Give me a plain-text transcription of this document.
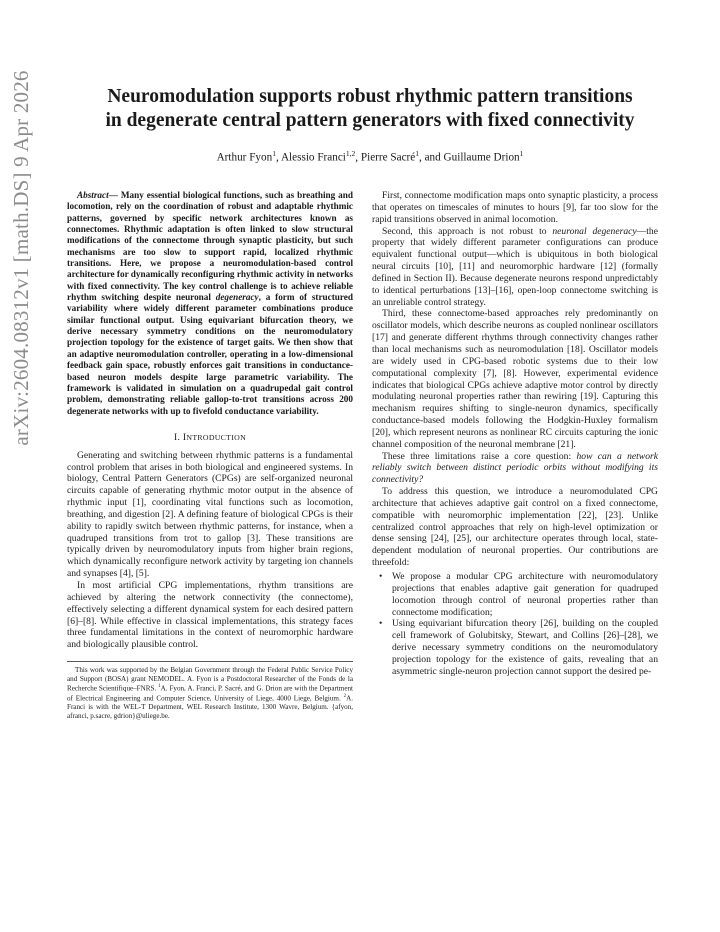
arXiv:2604.08312v1 [math.DS] 9 Apr 2026	Neuromodulation supports robust rhythmic pattern transitions
in degenerate central pattern generators with fixed connectivity
Arthur Fyon$^1$, Alessio Franci$^{1,2}$, Pierre Sacré$^1$, and Guillaume Drion$^1$

Abstract— Many essential biological functions, such as breathing and locomotion, rely on the coordination of robust and adaptable rhythmic patterns, governed by specific network architectures known as connectomes. Rhythmic adaptation is often linked to slow structural modifications of the connectome through synaptic plasticity, but such mechanisms are too slow to support rapid, localized rhythmic transitions. Here, we propose a neuromodulation-based control architecture for dynamically reconfiguring rhythmic activity in networks with fixed connectivity. The key control challenge is to achieve reliable rhythm switching despite neuronal degeneracy, a form of structured variability where widely different parameter combinations produce similar functional output. Using equivariant bifurcation theory, we derive necessary symmetry conditions on the neuromodulatory projection topology for the existence of target gaits. We then show that an adaptive neuromodulation controller, operating in a low-dimensional feedback gain space, robustly enforces gait transitions in conductance-based neuron models despite large parametric variability. The framework is validated in simulation on a quadrupedal gait control problem, demonstrating reliable gallop-to-trot transitions across 200 degenerate networks with up to fivefold conductance variability.

I. INTRODUCTION

Generating and switching between rhythmic patterns is a fundamental control problem that arises in both biological and engineered systems. In biology, Central Pattern Generators (CPGs) are self-organized neuronal circuits capable of generating rhythmic motor output in the absence of rhythmic input [1], coordinating vital functions such as locomotion, breathing, and digestion [2]. A defining feature of biological CPGs is their ability to rapidly switch between rhythmic patterns, for instance, when a quadruped transitions from trot to gallop [3]. These transitions are typically driven by neuromodulatory inputs from higher brain regions, which dynamically reconfigure network activity by targeting ion channels and synapses [4], [5].

In most artificial CPG implementations, rhythm transitions are achieved by altering the network connectivity (the connectome), effectively selecting a different dynamical system for each desired pattern [6]–[8]. While effective in classical implementations, this strategy faces three fundamental limitations in the context of neuromorphic hardware and biologically plausible control.

This work was supported by the Belgian Government through the Federal Public Service Policy and Support (BOSA) grant NEMODEL. A. Fyon is a Postdoctoral Researcher of the Fonds de la Recherche Scientifique–FNRS. $^1$A. Fyon, A. Franci, P. Sacré, and G. Drion are with the Department of Electrical Engineering and Computer Science, University of Liege, 4000 Liege, Belgium. $^2$A. Franci is with the WEL-T Department, WEL Research Institute, 1300 Wavre, Belgium. {afyon, afranci, p.sacre, gdrion}@uliege.be.

First, connectome modification maps onto synaptic plasticity, a process that operates on timescales of minutes to hours [9], far too slow for the rapid transitions observed in animal locomotion.

Second, this approach is not robust to neuronal degeneracy—the property that widely different parameter configurations can produce equivalent functional output—which is ubiquitous in both biological neural circuits [10], [11] and neuromorphic hardware [12] (formally defined in Section II). Because degenerate neurons respond unpredictably to identical perturbations [13]–[16], open-loop connectome switching is an unreliable control strategy.

Third, these connectome-based approaches rely predominantly on oscillator models, which describe neurons as coupled nonlinear oscillators [17] and generate different rhythms through connectivity changes rather than local mechanisms such as neuromodulation [18]. Oscillator models are widely used in CPG-based robotic systems due to their low computational complexity [7], [8]. However, experimental evidence indicates that biological CPGs achieve adaptive motor control by directly modulating neuronal properties rather than rewiring [19]. Capturing this mechanism requires shifting to single-neuron dynamics, specifically conductance-based models following the Hodgkin-Huxley formalism [20], which represent neurons as nonlinear RC circuits capturing the ionic channel composition of the neuronal membrane [21].

These three limitations raise a core question: how can a network reliably switch between distinct periodic orbits without modifying its connectivity?

To address this question, we introduce a neuromodulated CPG architecture that achieves adaptive gait control on a fixed connectome, compatible with neuromorphic implementation [22], [23]. Unlike centralized control approaches that rely on high-level optimization or dense sensing [24], [25], our architecture operates through local, state-dependent modulation of neuronal properties. Our contributions are threefold:

• We propose a modular CPG architecture with neuromodulatory projections that enables adaptive gait generation for quadruped locomotion through control of neuronal properties rather than connectome modification;
• Using equivariant bifurcation theory [26], building on the coupled cell framework of Golubitsky, Stewart, and Collins [26]–[28], we derive necessary symmetry conditions on the neuromodulatory projection topology for the existence of gaits, revealing that an asymmetric single-neuron projection cannot support the desired pe-
